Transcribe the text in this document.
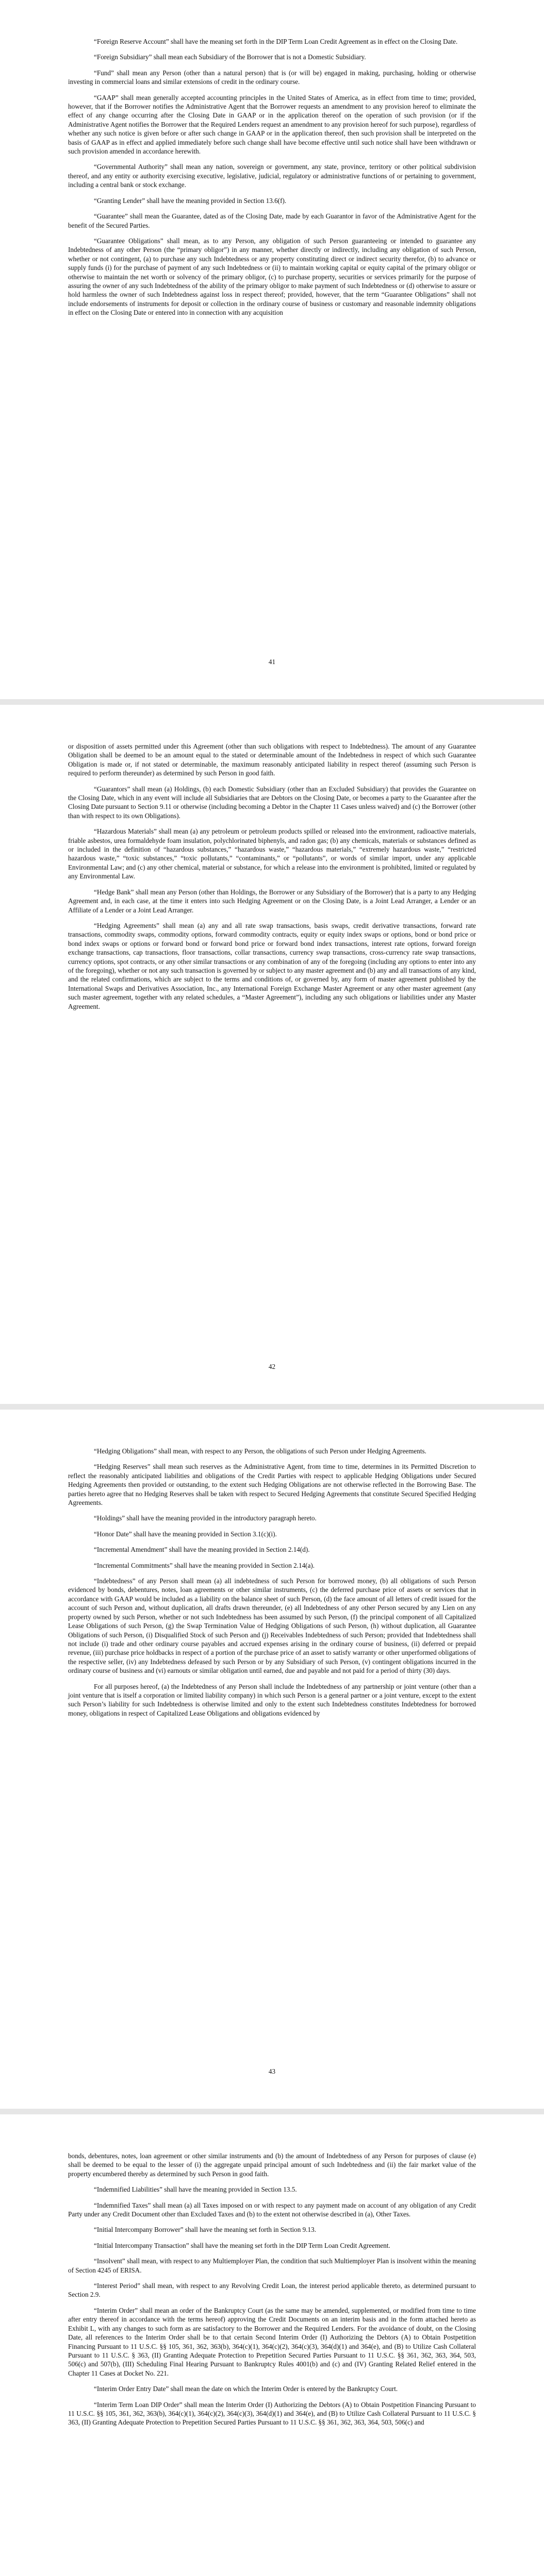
“Foreign Reserve Account” shall have the meaning set forth in the DIP Term Loan Credit Agreement as in effect on the Closing Date.

“Foreign Subsidiary” shall mean each Subsidiary of the Borrower that is not a Domestic Subsidiary.

“Fund” shall mean any Person (other than a natural person) that is (or will be) engaged in making, purchasing, holding or otherwise investing in commercial loans and similar extensions of credit in the ordinary course.

“GAAP” shall mean generally accepted accounting principles in the United States of America, as in effect from time to time; provided, however, that if the Borrower notifies the Administrative Agent that the Borrower requests an amendment to any provision hereof to eliminate the effect of any change occurring after the Closing Date in GAAP or in the application thereof on the operation of such provision (or if the Administrative Agent notifies the Borrower that the Required Lenders request an amendment to any provision hereof for such purpose), regardless of whether any such notice is given before or after such change in GAAP or in the application thereof, then such provision shall be interpreted on the basis of GAAP as in effect and applied immediately before such change shall have become effective until such notice shall have been withdrawn or such provision amended in accordance herewith.

“Governmental Authority” shall mean any nation, sovereign or government, any state, province, territory or other political subdivision thereof, and any entity or authority exercising executive, legislative, judicial, regulatory or administrative functions of or pertaining to government, including a central bank or stock exchange.

“Granting Lender” shall have the meaning provided in Section 13.6(f).

“Guarantee” shall mean the Guarantee, dated as of the Closing Date, made by each Guarantor in favor of the Administrative Agent for the benefit of the Secured Parties.

“Guarantee Obligations” shall mean, as to any Person, any obligation of such Person guaranteeing or intended to guarantee any Indebtedness of any other Person (the “primary obligor”) in any manner, whether directly or indirectly, including any obligation of such Person, whether or not contingent, (a) to purchase any such Indebtedness or any property constituting direct or indirect security therefor, (b) to advance or supply funds (i) for the purchase of payment of any such Indebtedness or (ii) to maintain working capital or equity capital of the primary obligor or otherwise to maintain the net worth or solvency of the primary obligor, (c) to purchase property, securities or services primarily for the purpose of assuring the owner of any such Indebtedness of the ability of the primary obligor to make payment of such Indebtedness or (d) otherwise to assure or hold harmless the owner of such Indebtedness against loss in respect thereof; provided, however, that the term “Guarantee Obligations” shall not include endorsements of instruments for deposit or collection in the ordinary course of business or customary and reasonable indemnity obligations in effect on the Closing Date or entered into in connection with any acquisition

41

or disposition of assets permitted under this Agreement (other than such obligations with respect to Indebtedness). The amount of any Guarantee Obligation shall be deemed to be an amount equal to the stated or determinable amount of the Indebtedness in respect of which such Guarantee Obligation is made or, if not stated or determinable, the maximum reasonably anticipated liability in respect thereof (assuming such Person is required to perform thereunder) as determined by such Person in good faith.

“Guarantors” shall mean (a) Holdings, (b) each Domestic Subsidiary (other than an Excluded Subsidiary) that provides the Guarantee on the Closing Date, which in any event will include all Subsidiaries that are Debtors on the Closing Date, or becomes a party to the Guarantee after the Closing Date pursuant to Section 9.11 or otherwise (including becoming a Debtor in the Chapter 11 Cases unless waived) and (c) the Borrower (other than with respect to its own Obligations).

“Hazardous Materials” shall mean (a) any petroleum or petroleum products spilled or released into the environment, radioactive materials, friable asbestos, urea formaldehyde foam insulation, polychlorinated biphenyls, and radon gas; (b) any chemicals, materials or substances defined as or included in the definition of “hazardous substances,” “hazardous waste,” “hazardous materials,” “extremely hazardous waste,” “restricted hazardous waste,” “toxic substances,” “toxic pollutants,” “contaminants,” or “pollutants”, or words of similar import, under any applicable Environmental Law; and (c) any other chemical, material or substance, for which a release into the environment is prohibited, limited or regulated by any Environmental Law.

“Hedge Bank” shall mean any Person (other than Holdings, the Borrower or any Subsidiary of the Borrower) that is a party to any Hedging Agreement and, in each case, at the time it enters into such Hedging Agreement or on the Closing Date, is a Joint Lead Arranger, a Lender or an Affiliate of a Lender or a Joint Lead Arranger.

“Hedging Agreements” shall mean (a) any and all rate swap transactions, basis swaps, credit derivative transactions, forward rate transactions, commodity swaps, commodity options, forward commodity contracts, equity or equity index swaps or options, bond or bond price or bond index swaps or options or forward bond or forward bond price or forward bond index transactions, interest rate options, forward foreign exchange transactions, cap transactions, floor transactions, collar transactions, currency swap transactions, cross-currency rate swap transactions, currency options, spot contracts, or any other similar transactions or any combination of any of the foregoing (including any options to enter into any of the foregoing), whether or not any such transaction is governed by or subject to any master agreement and (b) any and all transactions of any kind, and the related confirmations, which are subject to the terms and conditions of, or governed by, any form of master agreement published by the International Swaps and Derivatives Association, Inc., any International Foreign Exchange Master Agreement or any other master agreement (any such master agreement, together with any related schedules, a “Master Agreement”), including any such obligations or liabilities under any Master Agreement.

42

“Hedging Obligations” shall mean, with respect to any Person, the obligations of such Person under Hedging Agreements.

“Hedging Reserves” shall mean such reserves as the Administrative Agent, from time to time, determines in its Permitted Discretion to reflect the reasonably anticipated liabilities and obligations of the Credit Parties with respect to applicable Hedging Obligations under Secured Hedging Agreements then provided or outstanding, to the extent such Hedging Obligations are not otherwise reflected in the Borrowing Base. The parties hereto agree that no Hedging Reserves shall be taken with respect to Secured Hedging Agreements that constitute Secured Specified Hedging Agreements.

“Holdings” shall have the meaning provided in the introductory paragraph hereto.

“Honor Date” shall have the meaning provided in Section 3.1(c)(i).

“Incremental Amendment” shall have the meaning provided in Section 2.14(d).

“Incremental Commitments” shall have the meaning provided in Section 2.14(a).

“Indebtedness” of any Person shall mean (a) all indebtedness of such Person for borrowed money, (b) all obligations of such Person evidenced by bonds, debentures, notes, loan agreements or other similar instruments, (c) the deferred purchase price of assets or services that in accordance with GAAP would be included as a liability on the balance sheet of such Person, (d) the face amount of all letters of credit issued for the account of such Person and, without duplication, all drafts drawn thereunder, (e) all Indebtedness of any other Person secured by any Lien on any property owned by such Person, whether or not such Indebtedness has been assumed by such Person, (f) the principal component of all Capitalized Lease Obligations of such Person, (g) the Swap Termination Value of Hedging Obligations of such Person, (h) without duplication, all Guarantee Obligations of such Person, (i) Disqualified Stock of such Person and (j) Receivables Indebtedness of such Person; provided that Indebtedness shall not include (i) trade and other ordinary course payables and accrued expenses arising in the ordinary course of business, (ii) deferred or prepaid revenue, (iii) purchase price holdbacks in respect of a portion of the purchase price of an asset to satisfy warranty or other unperformed obligations of the respective seller, (iv) any Indebtedness defeased by such Person or by any Subsidiary of such Person, (v) contingent obligations incurred in the ordinary course of business and (vi) earnouts or similar obligation until earned, due and payable and not paid for a period of thirty (30) days.

For all purposes hereof, (a) the Indebtedness of any Person shall include the Indebtedness of any partnership or joint venture (other than a joint venture that is itself a corporation or limited liability company) in which such Person is a general partner or a joint venture, except to the extent such Person’s liability for such Indebtedness is otherwise limited and only to the extent such Indebtedness constitutes Indebtedness for borrowed money, obligations in respect of Capitalized Lease Obligations and obligations evidenced by

43

bonds, debentures, notes, loan agreement or other similar instruments and (b) the amount of Indebtedness of any Person for purposes of clause (e) shall be deemed to be equal to the lesser of (i) the aggregate unpaid principal amount of such Indebtedness and (ii) the fair market value of the property encumbered thereby as determined by such Person in good faith.

“Indemnified Liabilities” shall have the meaning provided in Section 13.5.

“Indemnified Taxes” shall mean (a) all Taxes imposed on or with respect to any payment made on account of any obligation of any Credit Party under any Credit Document other than Excluded Taxes and (b) to the extent not otherwise described in (a), Other Taxes.

“Initial Intercompany Borrower” shall have the meaning set forth in Section 9.13.

“Initial Intercompany Transaction” shall have the meaning set forth in the DIP Term Loan Credit Agreement.

“Insolvent” shall mean, with respect to any Multiemployer Plan, the condition that such Multiemployer Plan is insolvent within the meaning of Section 4245 of ERISA.

“Interest Period” shall mean, with respect to any Revolving Credit Loan, the interest period applicable thereto, as determined pursuant to Section 2.9.

“Interim Order” shall mean an order of the Bankruptcy Court (as the same may be amended, supplemented, or modified from time to time after entry thereof in accordance with the terms hereof) approving the Credit Documents on an interim basis and in the form attached hereto as Exhibit L, with any changes to such form as are satisfactory to the Borrower and the Required Lenders. For the avoidance of doubt, on the Closing Date, all references to the Interim Order shall be to that certain Second Interim Order (I) Authorizing the Debtors (A) to Obtain Postpetition Financing Pursuant to 11 U.S.C. §§ 105, 361, 362, 363(b), 364(c)(1), 364(c)(2), 364(c)(3), 364(d)(1) and 364(e), and (B) to Utilize Cash Collateral Pursuant to 11 U.S.C. § 363, (II) Granting Adequate Protection to Prepetition Secured Parties Pursuant to 11 U.S.C. §§ 361, 362, 363, 364, 503, 506(c) and 507(b), (III) Scheduling Final Hearing Pursuant to Bankruptcy Rules 4001(b) and (c) and (IV) Granting Related Relief entered in the Chapter 11 Cases at Docket No. 221.

“Interim Order Entry Date” shall mean the date on which the Interim Order is entered by the Bankruptcy Court.

“Interim Term Loan DIP Order” shall mean the Interim Order (I) Authorizing the Debtors (A) to Obtain Postpetition Financing Pursuant to 11 U.S.C. §§ 105, 361, 362, 363(b), 364(c)(1), 364(c)(2), 364(c)(3), 364(d)(1) and 364(e), and (B) to Utilize Cash Collateral Pursuant to 11 U.S.C. § 363, (II) Granting Adequate Protection to Prepetition Secured Parties Pursuant to 11 U.S.C. §§ 361, 362, 363, 364, 503, 506(c) and
